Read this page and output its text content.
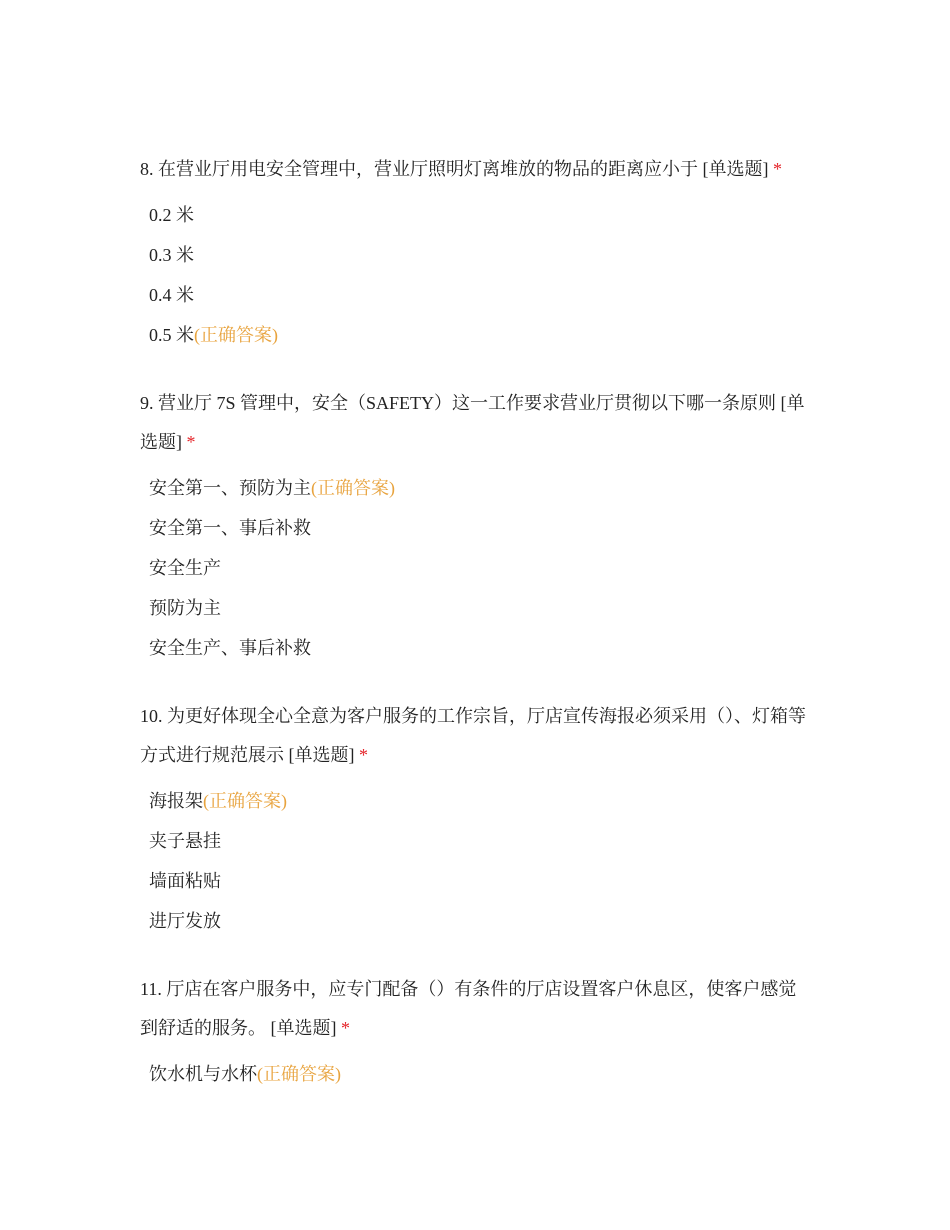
8. 在营业厅用电安全管理中，营业厅照明灯离堆放的物品的距离应小于 [单选题] *
0.2 米
0.3 米
0.4 米
0.5 米(正确答案)
9. 营业厅 7S 管理中，安全（SAFETY）这一工作要求营业厅贯彻以下哪一条原则 [单选题] *
安全第一、预防为主(正确答案)
安全第一、事后补救
安全生产
预防为主
安全生产、事后补救
10. 为更好体现全心全意为客户服务的工作宗旨，厅店宣传海报必须采用（）、灯箱等方式进行规范展示 [单选题] *
海报架(正确答案)
夹子悬挂
墙面粘贴
进厅发放
11. 厅店在客户服务中，应专门配备（）有条件的厅店设置客户休息区，使客户感觉到舒适的服务。 [单选题] *
饮水机与水杯(正确答案)
